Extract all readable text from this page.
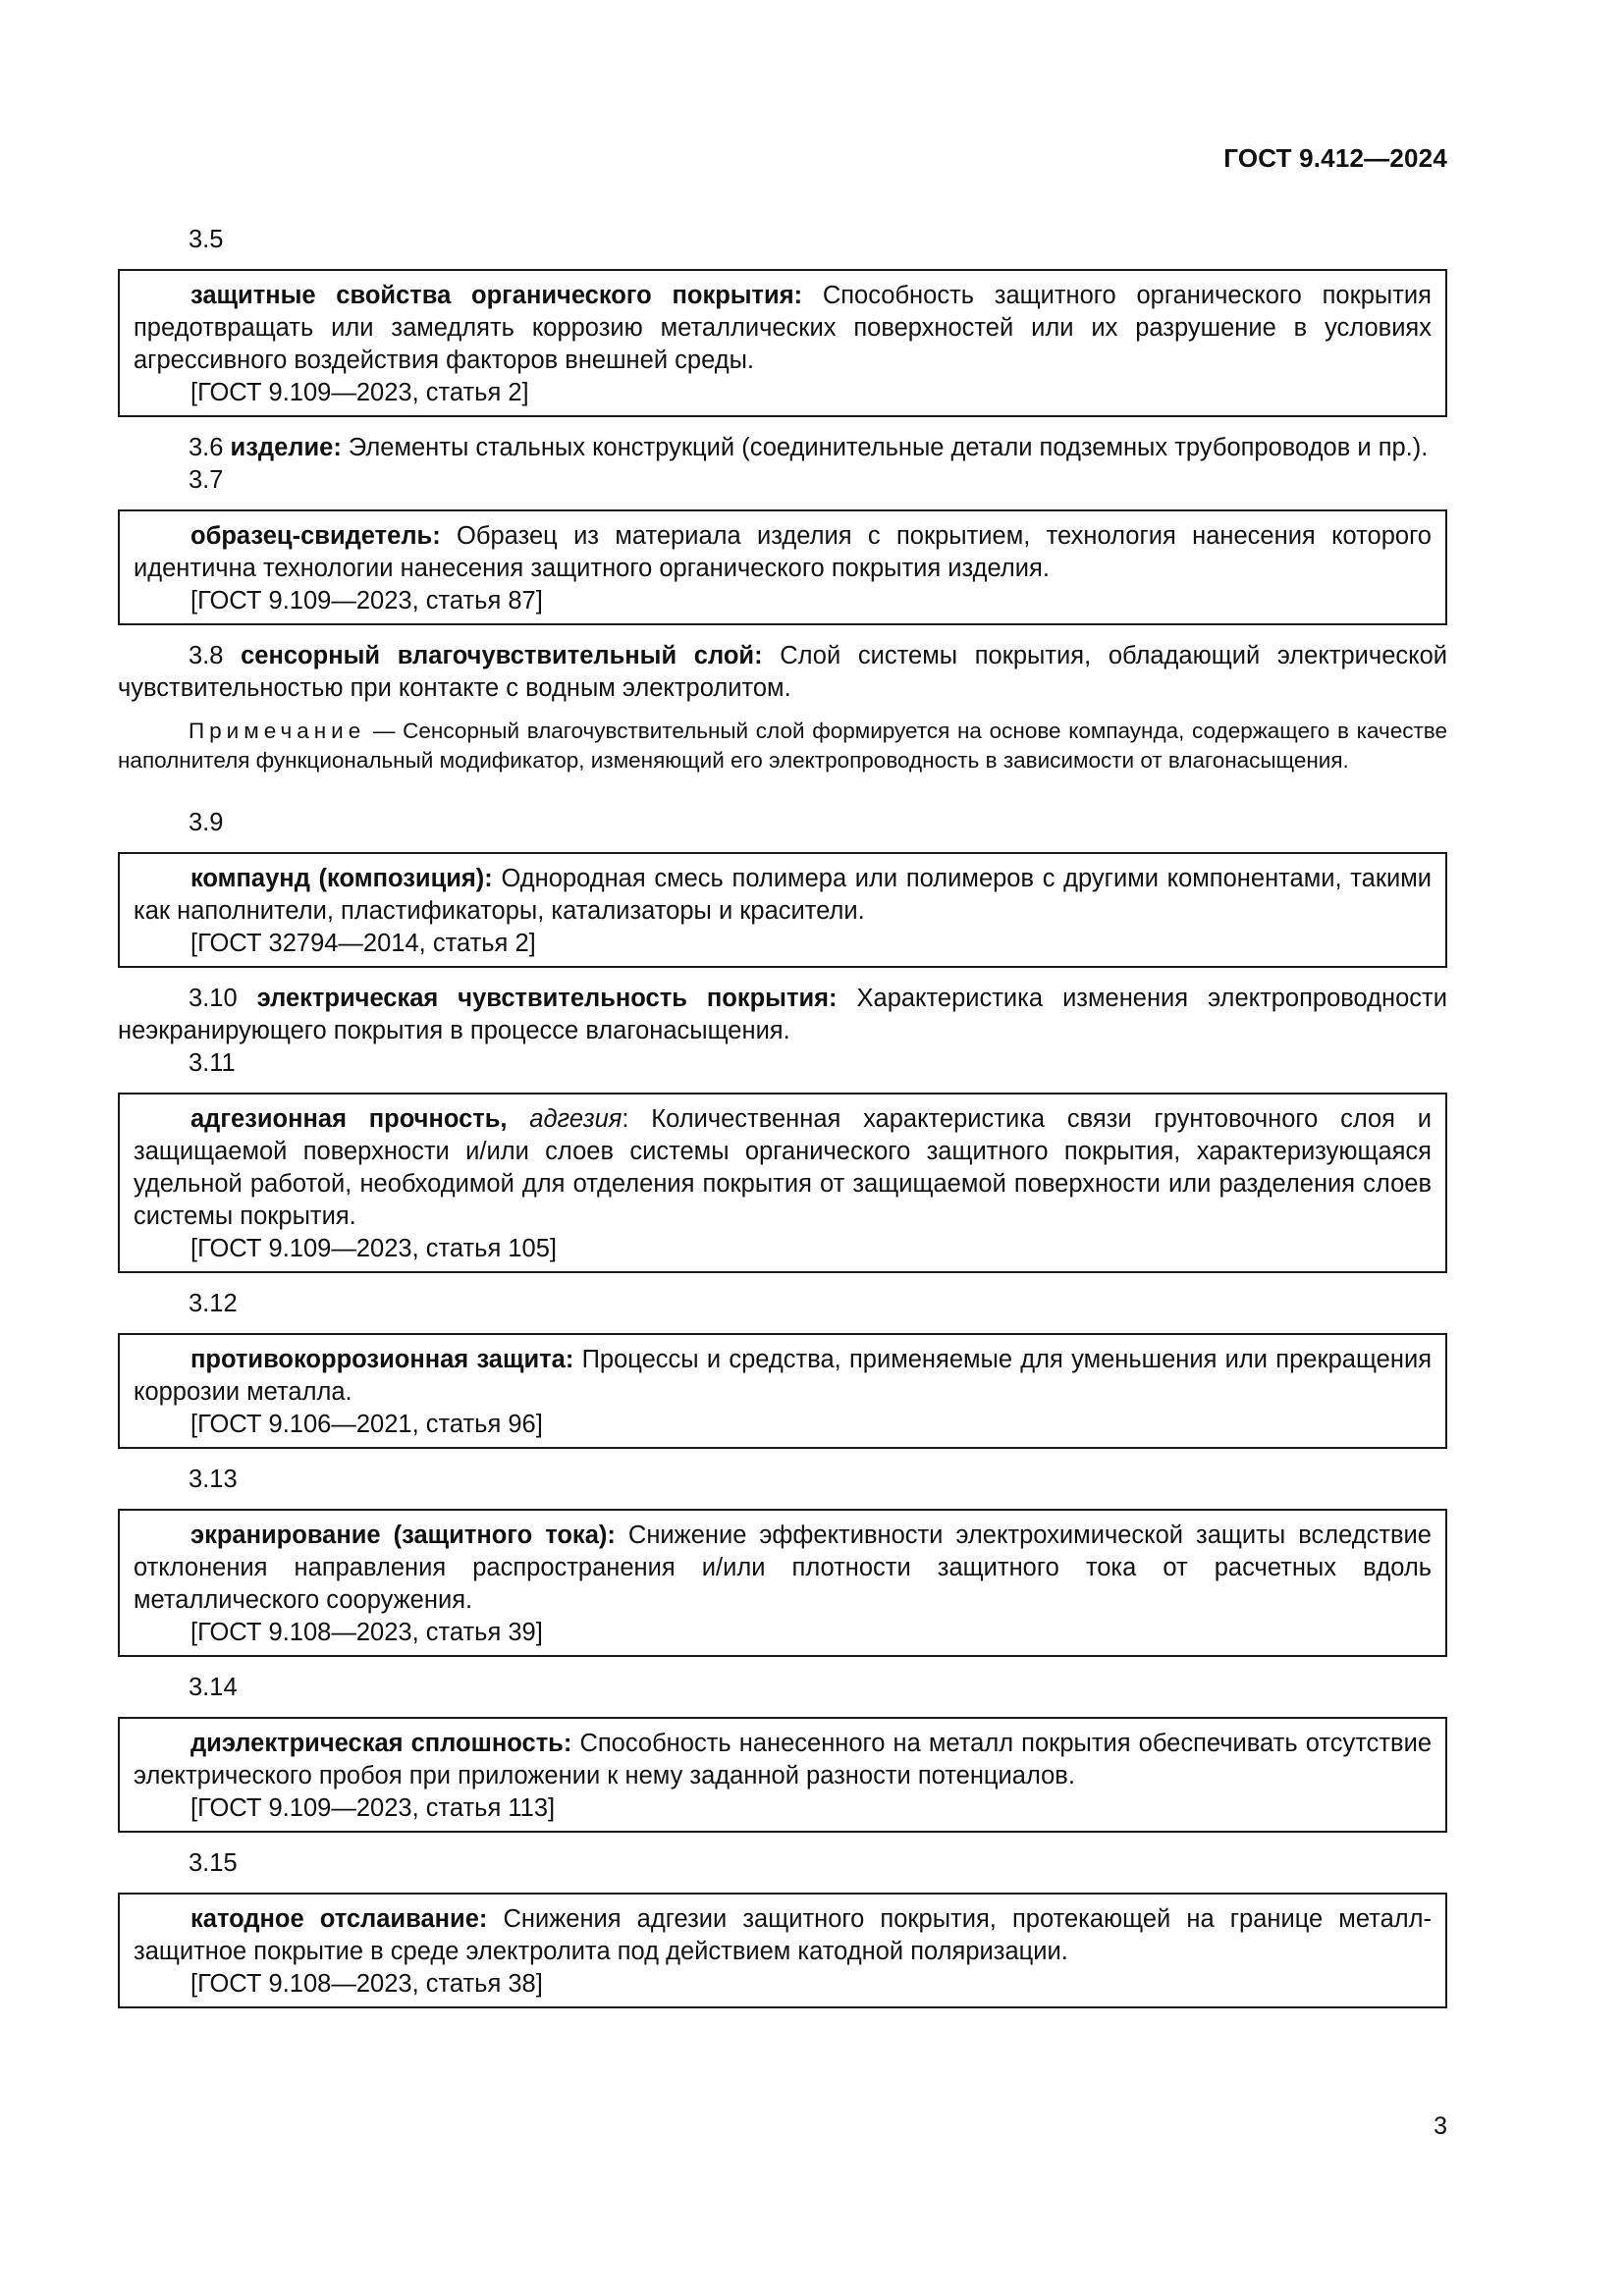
ГОСТ 9.412—2024

3.5

защитные свойства органического покрытия: Способность защитного органического покрытия предотвращать или замедлять коррозию металлических поверхностей или их разрушение в условиях агрессивного воздействия факторов внешней среды.

[ГОСТ 9.109—2023, статья 2]

3.6 изделие: Элементы стальных конструкций (соединительные детали подземных трубопроводов и пр.).

3.7

образец-свидетель: Образец из материала изделия с покрытием, технология нанесения которого идентична технологии нанесения защитного органического покрытия изделия.

[ГОСТ 9.109—2023, статья 87]

3.8 сенсорный влагочувствительный слой: Слой системы покрытия, обладающий электрической чувствительностью при контакте с водным электролитом.

Примечание — Сенсорный влагочувствительный слой формируется на основе компаунда, содержащего в качестве наполнителя функциональный модификатор, изменяющий его электропроводность в зависимости от влагонасыщения.

3.9

компаунд (композиция): Однородная смесь полимера или полимеров с другими компонентами, такими как наполнители, пластификаторы, катализаторы и красители.

[ГОСТ 32794—2014, статья 2]

3.10 электрическая чувствительность покрытия: Характеристика изменения электропроводности неэкранирующего покрытия в процессе влагонасыщения.

3.11

адгезионная прочность, адгезия: Количественная характеристика связи грунтовочного слоя и защищаемой поверхности и/или слоев системы органического защитного покрытия, характеризующаяся удельной работой, необходимой для отделения покрытия от защищаемой поверхности или разделения слоев системы покрытия.

[ГОСТ 9.109—2023, статья 105]

3.12

противокоррозионная защита: Процессы и средства, применяемые для уменьшения или прекращения коррозии металла.

[ГОСТ 9.106—2021, статья 96]

3.13

экранирование (защитного тока): Снижение эффективности электрохимической защиты вследствие отклонения направления распространения и/или плотности защитного тока от расчетных вдоль металлического сооружения.

[ГОСТ 9.108—2023, статья 39]

3.14

диэлектрическая сплошность: Способность нанесенного на металл покрытия обеспечивать отсутствие электрического пробоя при приложении к нему заданной разности потенциалов.

[ГОСТ 9.109—2023, статья 113]

3.15

катодное отслаивание: Снижения адгезии защитного покрытия, протекающей на границе металл-защитное покрытие в среде электролита под действием катодной поляризации.

[ГОСТ 9.108—2023, статья 38]

3
